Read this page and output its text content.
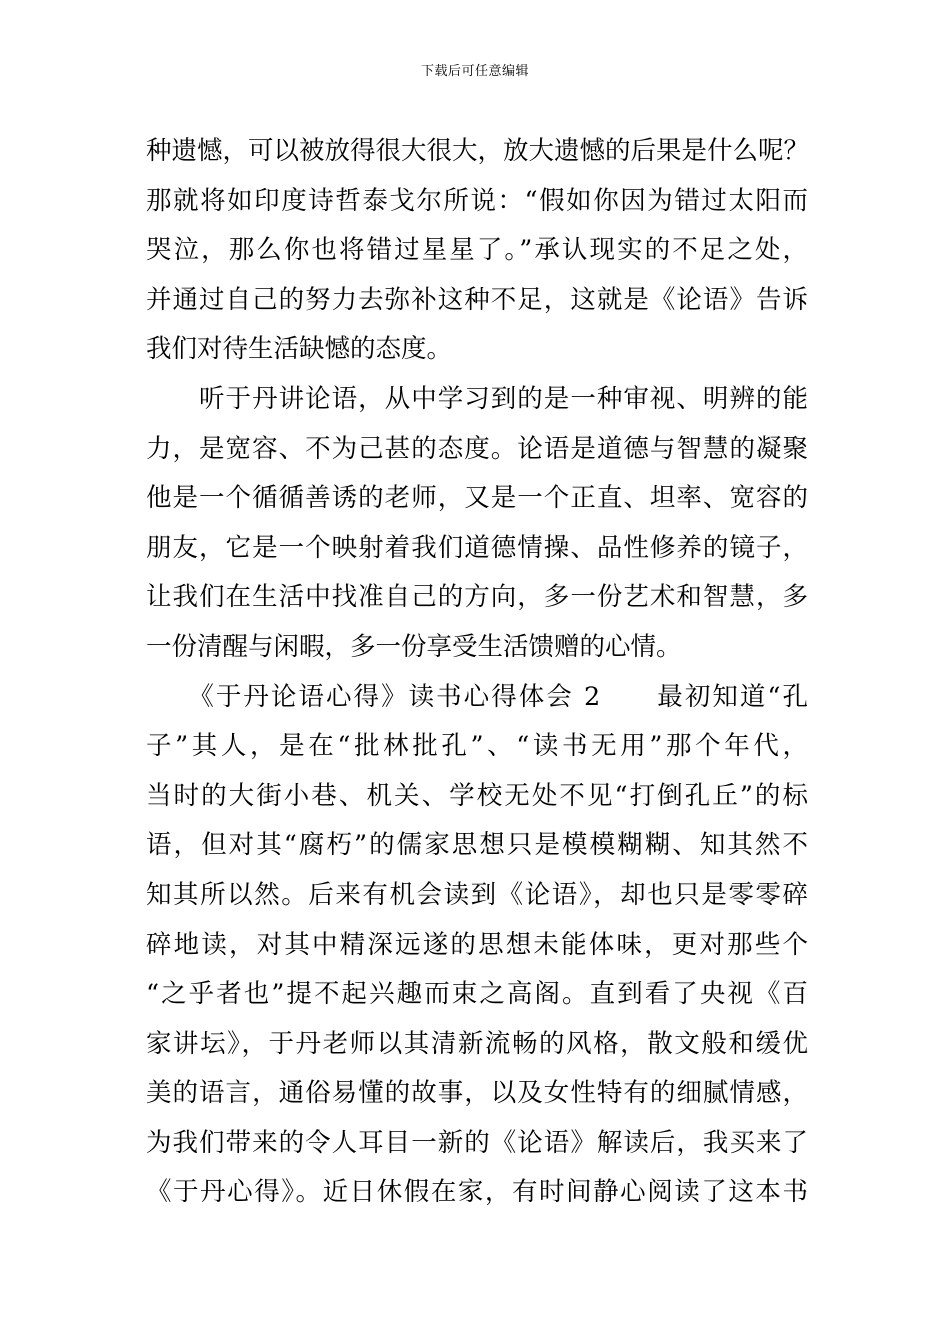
下载后可任意编辑
种遗憾，可以被放得很大很大，放大遗憾的后果是什么呢？
那就将如印度诗哲泰戈尔所说：“假如你因为错过太阳而
哭泣，那么你也将错过星星了。”承认现实的不足之处，
并通过自己的努力去弥补这种不足，这就是《论语》告诉
我们对待生活缺憾的态度。
　　听于丹讲论语，从中学习到的是一种审视、明辨的能
力，是宽容、不为己甚的态度。论语是道德与智慧的凝聚
他是一个循循善诱的老师，又是一个正直、坦率、宽容的
朋友，它是一个映射着我们道德情操、品性修养的镜子，
让我们在生活中找准自己的方向，多一份艺术和智慧，多
一份清醒与闲暇，多一份享受生活馈赠的心情。
　　《于丹论语心得》读书心得体会 2　　最初知道“孔
子”其人，是在“批林批孔”、“读书无用”那个年代，
当时的大街小巷、机关、学校无处不见“打倒孔丘”的标
语，但对其“腐朽”的儒家思想只是模模糊糊、知其然不
知其所以然。后来有机会读到《论语》，却也只是零零碎
碎地读，对其中精深远遂的思想未能体味，更对那些个
“之乎者也”提不起兴趣而束之高阁。直到看了央视《百
家讲坛》，于丹老师以其清新流畅的风格，散文般和缓优
美的语言，通俗易懂的故事，以及女性特有的细腻情感，
为我们带来的令人耳目一新的《论语》解读后，我买来了
《于丹心得》。近日休假在家，有时间静心阅读了这本书
